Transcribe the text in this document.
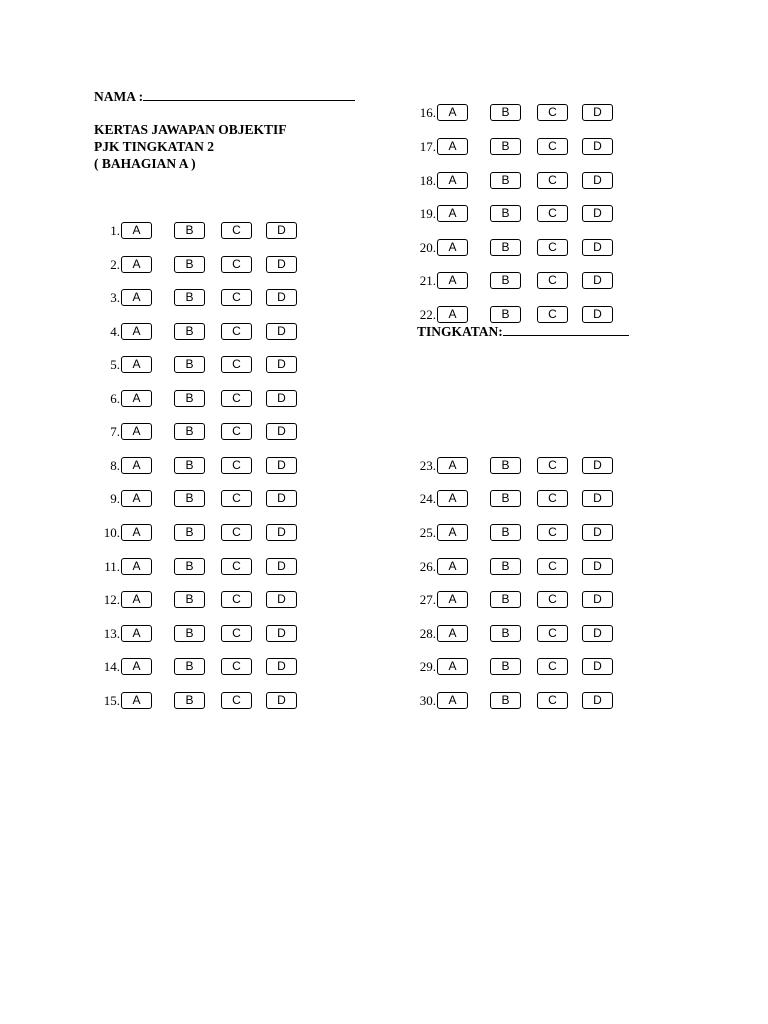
NAMA :
KERTAS JAWAPAN OBJEKTIF
PJK TINGKATAN 2
( BAHAGIAN A )
TINGKATAN:
1.	A	B	C	D
2.	A	B	C	D
3.	A	B	C	D
4.	A	B	C	D
5.	A	B	C	D
6.	A	B	C	D
7.	A	B	C	D
8.	A	B	C	D
9.	A	B	C	D
10.	A	B	C	D
11.	A	B	C	D
12.	A	B	C	D
13.	A	B	C	D
14.	A	B	C	D
15.	A	B	C	D
16.	A	B	C	D
17.	A	B	C	D
18.	A	B	C	D
19.	A	B	C	D
20.	A	B	C	D
21.	A	B	C	D
22.	A	B	C	D
23.	A	B	C	D
24.	A	B	C	D
25.	A	B	C	D
26.	A	B	C	D
27.	A	B	C	D
28.	A	B	C	D
29.	A	B	C	D
30.	A	B	C	D
